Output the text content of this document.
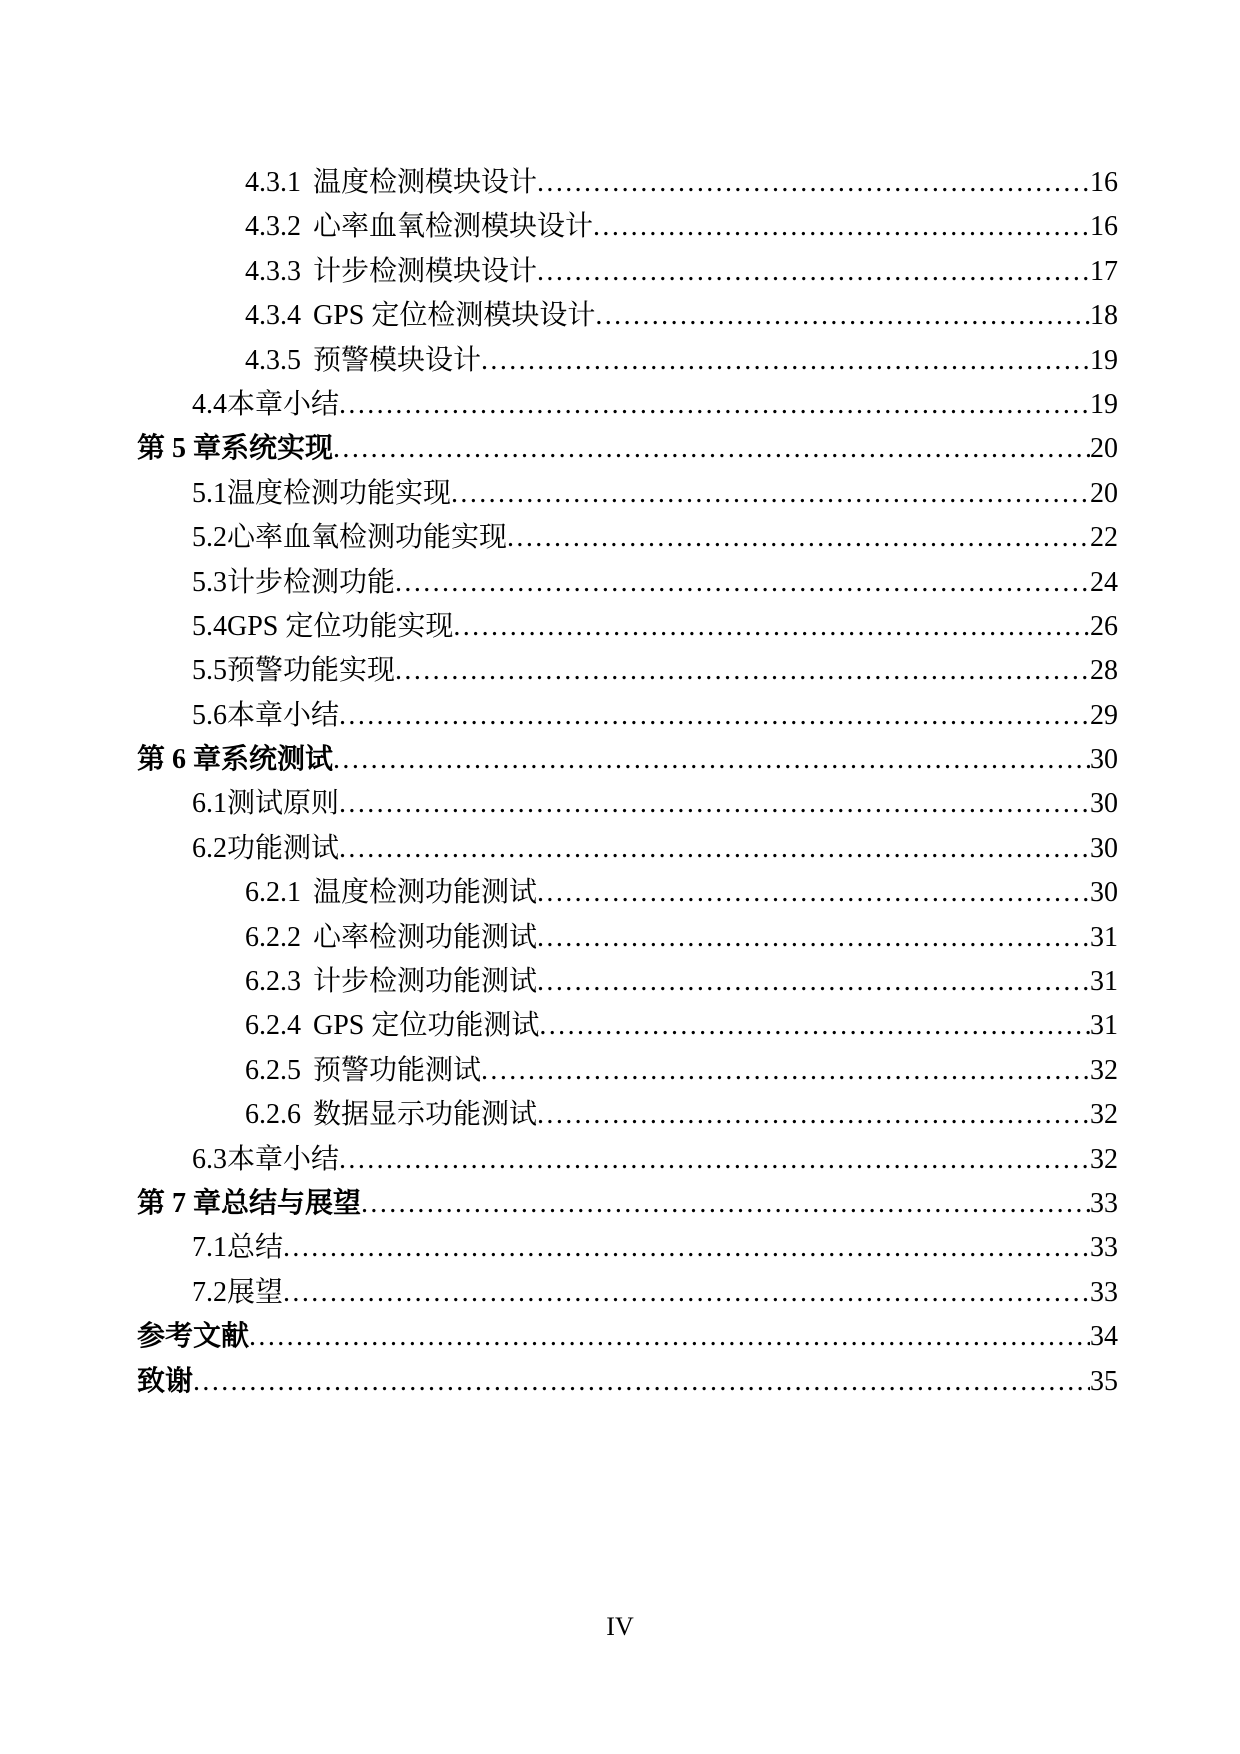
4.3.1 温度检测模块设计 .....	16
4.3.2 心率血氧检测模块设计 .....	16
4.3.3 计步检测模块设计 .....	17
4.3.4 GPS 定位检测模块设计 .....	18
4.3.5 预警模块设计 .....	19
4.4 本章小结 .....	19
第 5 章 系统实现 .....	20
5.1 温度检测功能实现 .....	20
5.2 心率血氧检测功能实现 .....	22
5.3 计步检测功能 .....	24
5.4 GPS 定位功能实现 .....	26
5.5 预警功能实现 .....	28
5.6 本章小结 .....	29
第 6 章 系统测试 .....	30
6.1 测试原则 .....	30
6.2 功能测试 .....	30
6.2.1 温度检测功能测试 .....	30
6.2.2 心率检测功能测试 .....	31
6.2.3 计步检测功能测试 .....	31
6.2.4 GPS 定位功能测试 .....	31
6.2.5 预警功能测试 .....	32
6.2.6 数据显示功能测试 .....	32
6.3 本章小结 .....	32
第 7 章 总结与展望 .....	33
7.1 总结 .....	33
7.2 展望 .....	33
参考文献 .....	34
致 谢 .....	35
IV
